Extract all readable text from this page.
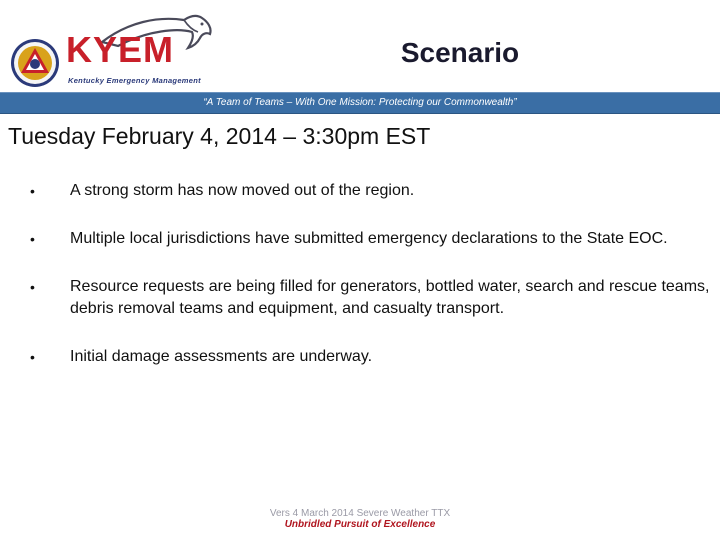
KYEM
Kentucky Emergency Management
Scenario
“A Team of Teams – With One Mission: Protecting our Commonwealth”
Tuesday February 4, 2014 – 3:30pm EST
• A strong storm has now moved out of the region.
• Multiple local jurisdictions have submitted emergency declarations to the State EOC.
• Resource requests are being filled for generators, bottled water, search and rescue teams, debris removal teams and equipment, and casualty transport.
• Initial damage assessments are underway.
Vers 4 March 2014 Severe Weather TTX
Unbridled Pursuit of Excellence
